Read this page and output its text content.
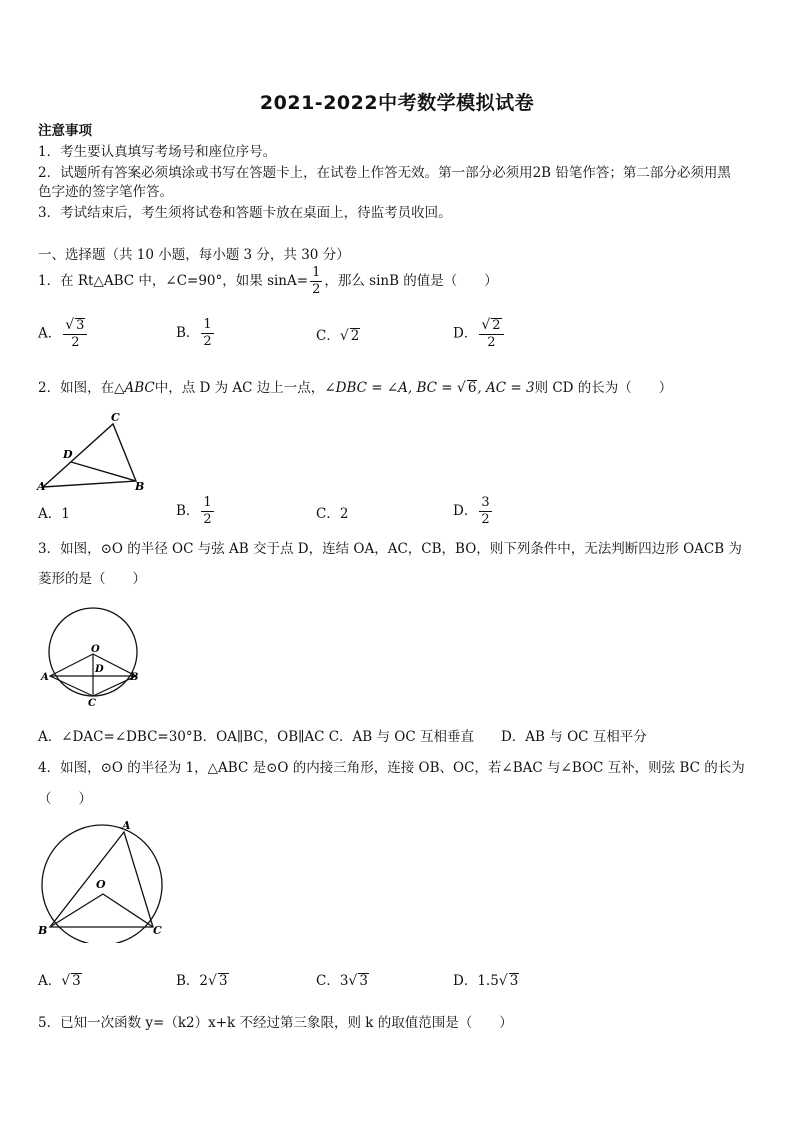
2021-2022中考数学模拟试卷
注意事项
1．考生要认真填写考场号和座位序号。
2．试题所有答案必须填涂或书写在答题卡上，在试卷上作答无效。第一部分必须用2B 铅笔作答；第二部分必须用黑
色字迹的签字笔作答。
3．考试结束后，考生须将试卷和答题卡放在桌面上，待监考员收回。
一、选择题（共 10 小题，每小题 3 分，共 30 分）
1．在 Rt△ABC 中，∠C=90°，如果 $\sin A= \frac{1}{2}$ ，那么 sinB 的值是（　　）
A． $\frac{√ 3}{2}$	B． $\frac{1}{2}$	C．√ 2	D． $\frac{√ 2}{2}$
2．如图，在△ABC中，点 D 为 AC 边上一点，∠DBC = ∠A, BC = √ 6, AC = 3则 CD 的长为（　　）
C
D
A	B
A．1	B． $\frac{1}{2}$	C．2	D． $\frac{3}{2}$
3．如图，⊙O 的半径 OC 与弦 AB 交于点 D，连结 OA，AC，CB，BO，则下列条件中，无法判断四边形 OACB 为
菱形的是（　　）
O
D
A	B
C
A．∠DAC=∠DBC=30°B．OA∥BC，OB∥AC C．AB 与 OC 互相垂直　　D．AB 与 OC 互相平分
4．如图，⊙O 的半径为 1，△ABC 是⊙O 的内接三角形，连接 OB、OC，若∠BAC 与∠BOC 互补，则弦 BC 的长为
（　　）
A
O
B	C
A．√ 3	B．2√ 3	C．3√ 3	D．1.5√ 3
5．已知一次函数 y=（k2）x+k 不经过第三象限，则 k 的取值范围是（　　）
